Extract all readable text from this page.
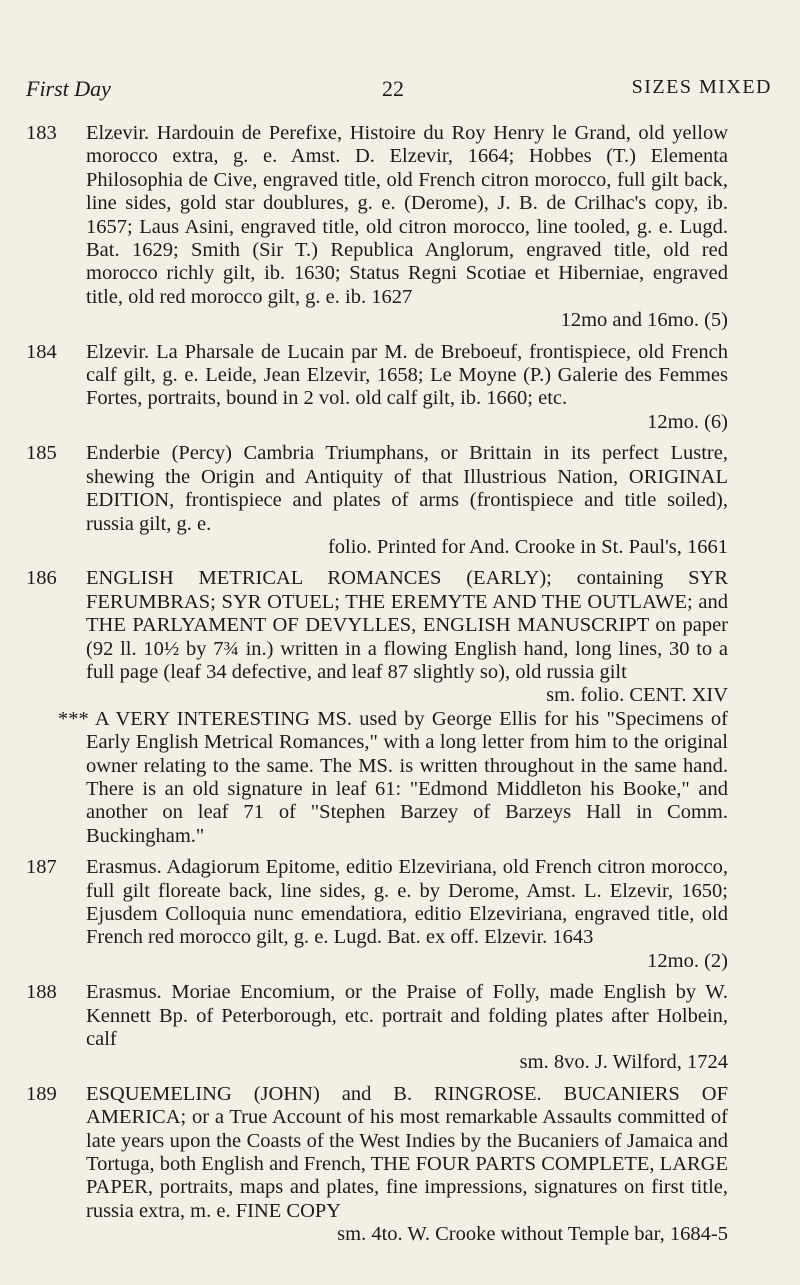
First Day	22	SIZES MIXED
183	Elzevir. Hardouin de Perefixe, Histoire du Roy Henry le Grand, old yellow morocco extra, g. e. Amst. D. Elzevir, 1664; Hobbes (T.) Elementa Philosophia de Cive, engraved title, old French citron morocco, full gilt back, line sides, gold star doublures, g. e. (Derome), J. B. de Crilhac's copy, ib. 1657; Laus Asini, engraved title, old citron morocco, line tooled, g. e. Lugd. Bat. 1629; Smith (Sir T.) Republica Anglorum, engraved title, old red morocco richly gilt, ib. 1630; Status Regni Scotiae et Hiberniae, engraved title, old red morocco gilt, g. e. ib. 1627

12mo and 16mo. (5)

184	Elzevir. La Pharsale de Lucain par M. de Breboeuf, frontispiece, old French calf gilt, g. e. Leide, Jean Elzevir, 1658; Le Moyne (P.) Galerie des Femmes Fortes, portraits, bound in 2 vol. old calf gilt, ib. 1660; etc.

12mo. (6)

185	Enderbie (Percy) Cambria Triumphans, or Brittain in its perfect Lustre, shewing the Origin and Antiquity of that Illustrious Nation, ORIGINAL EDITION, frontispiece and plates of arms (frontispiece and title soiled), russia gilt, g. e.

folio. Printed for And. Crooke in St. Paul's, 1661

186	ENGLISH METRICAL ROMANCES (EARLY); containing SYR FERUMBRAS; SYR OTUEL; THE EREMYTE AND THE OUTLAWE; and THE PARLYAMENT OF DEVYLLES, ENGLISH MANUSCRIPT on paper (92 ll. 10½ by 7¾ in.) written in a flowing English hand, long lines, 30 to a full page (leaf 34 defective, and leaf 87 slightly so), old russia gilt

sm. folio. CENT. XIV

*** A VERY INTERESTING MS. used by George Ellis for his "Specimens of Early English Metrical Romances," with a long letter from him to the original owner relating to the same. The MS. is written throughout in the same hand. There is an old signature in leaf 61: "Edmond Middleton his Booke," and another on leaf 71 of "Stephen Barzey of Barzeys Hall in Comm. Buckingham."

187	Erasmus. Adagiorum Epitome, editio Elzeviriana, old French citron morocco, full gilt floreate back, line sides, g. e. by Derome, Amst. L. Elzevir, 1650; Ejusdem Colloquia nunc emendatiora, editio Elzeviriana, engraved title, old French red morocco gilt, g. e. Lugd. Bat. ex off. Elzevir. 1643

12mo. (2)

188	Erasmus. Moriae Encomium, or the Praise of Folly, made English by W. Kennett Bp. of Peterborough, etc. portrait and folding plates after Holbein, calf

sm. 8vo. J. Wilford, 1724

189	ESQUEMELING (JOHN) and B. RINGROSE. BUCANIERS OF AMERICA; or a True Account of his most remarkable Assaults committed of late years upon the Coasts of the West Indies by the Bucaniers of Jamaica and Tortuga, both English and French, THE FOUR PARTS COMPLETE, LARGE PAPER, portraits, maps and plates, fine impressions, signatures on first title, russia extra, m. e. FINE COPY

sm. 4to. W. Crooke without Temple bar, 1684-5
